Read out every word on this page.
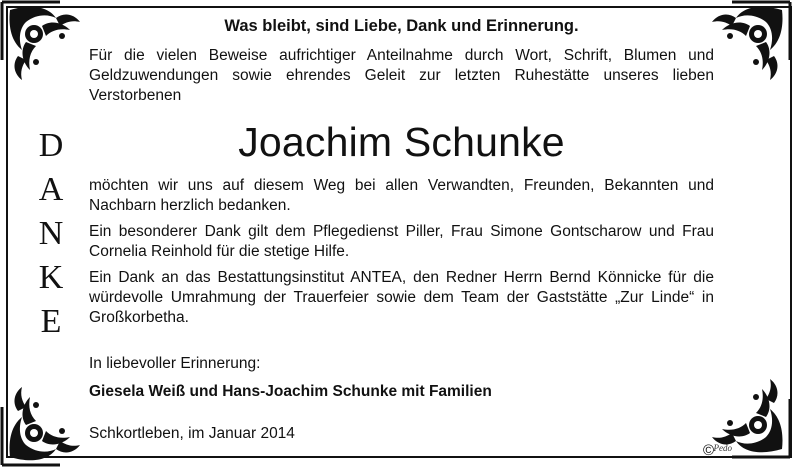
D
A
N
K
E
Was bleibt, sind Liebe, Dank und Erinnerung.
Für die vielen Beweise aufrichtiger Anteilnahme durch Wort, Schrift, Blumen und Geldzuwendungen sowie ehrendes Geleit zur letzten Ruhestätte unseres lieben Verstorbenen
Joachim Schunke
möchten wir uns auf diesem Weg bei allen Verwandten, Freunden, Bekannten und Nachbarn herzlich bedanken.
Ein besonderer Dank gilt dem Pflegedienst Piller, Frau Simone Gontscharow und Frau Cornelia Reinhold für die stetige Hilfe.
Ein Dank an das Bestattungsinstitut ANTEA, den Redner Herrn Bernd Könnicke für die würdevolle Umrahmung der Trauerfeier sowie dem Team der Gaststätte „Zur Linde“ in Großkorbetha.
In liebevoller Erinnerung:
Giesela Weiß und Hans-Joachim Schunke mit Familien
Schkortleben, im Januar 2014
Pedo
©
